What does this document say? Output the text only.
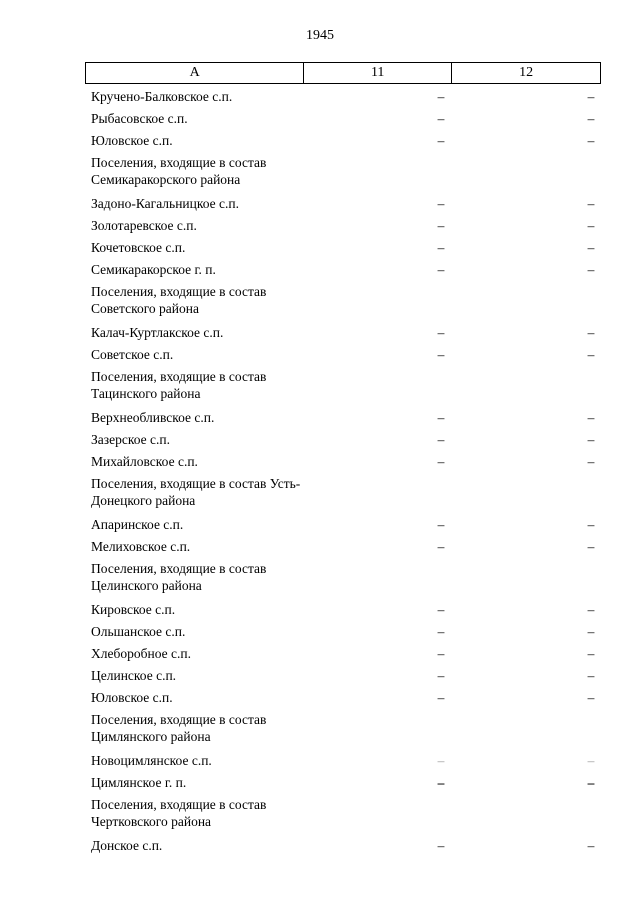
1945
А	11	12
Кручено-Балковское с.п.	–	–
Рыбасовское с.п.	–	–
Юловское с.п.	–	–
Поселения, входящие в состав Семикаракорского района
Задоно-Кагальницкое с.п.	–	–
Золотаревское с.п.	–	–
Кочетовское с.п.	–	–
Семикаракорское г. п.	–	–
Поселения, входящие в состав Советского района
Калач-Куртлакское с.п.	–	–
Советское с.п.	–	–
Поселения, входящие в состав Тацинского района
Верхнеобливское с.п.	–	–
Зазерское с.п.	–	–
Михайловское с.п.	–	–
Поселения, входящие в состав Усть-Донецкого района
Апаринское с.п.	–	–
Мелиховское с.п.	–	–
Поселения, входящие в состав Целинского района
Кировское с.п.	–	–
Ольшанское с.п.	–	–
Хлеборобное с.п.	–	–
Целинское с.п.	–	–
Юловское с.п.	–	–
Поселения, входящие в состав Цимлянского района
Новоцимлянское с.п.	–	–
Цимлянское г. п.	–	–
Поселения, входящие в состав Чертковского района
Донское с.п.	–	–
